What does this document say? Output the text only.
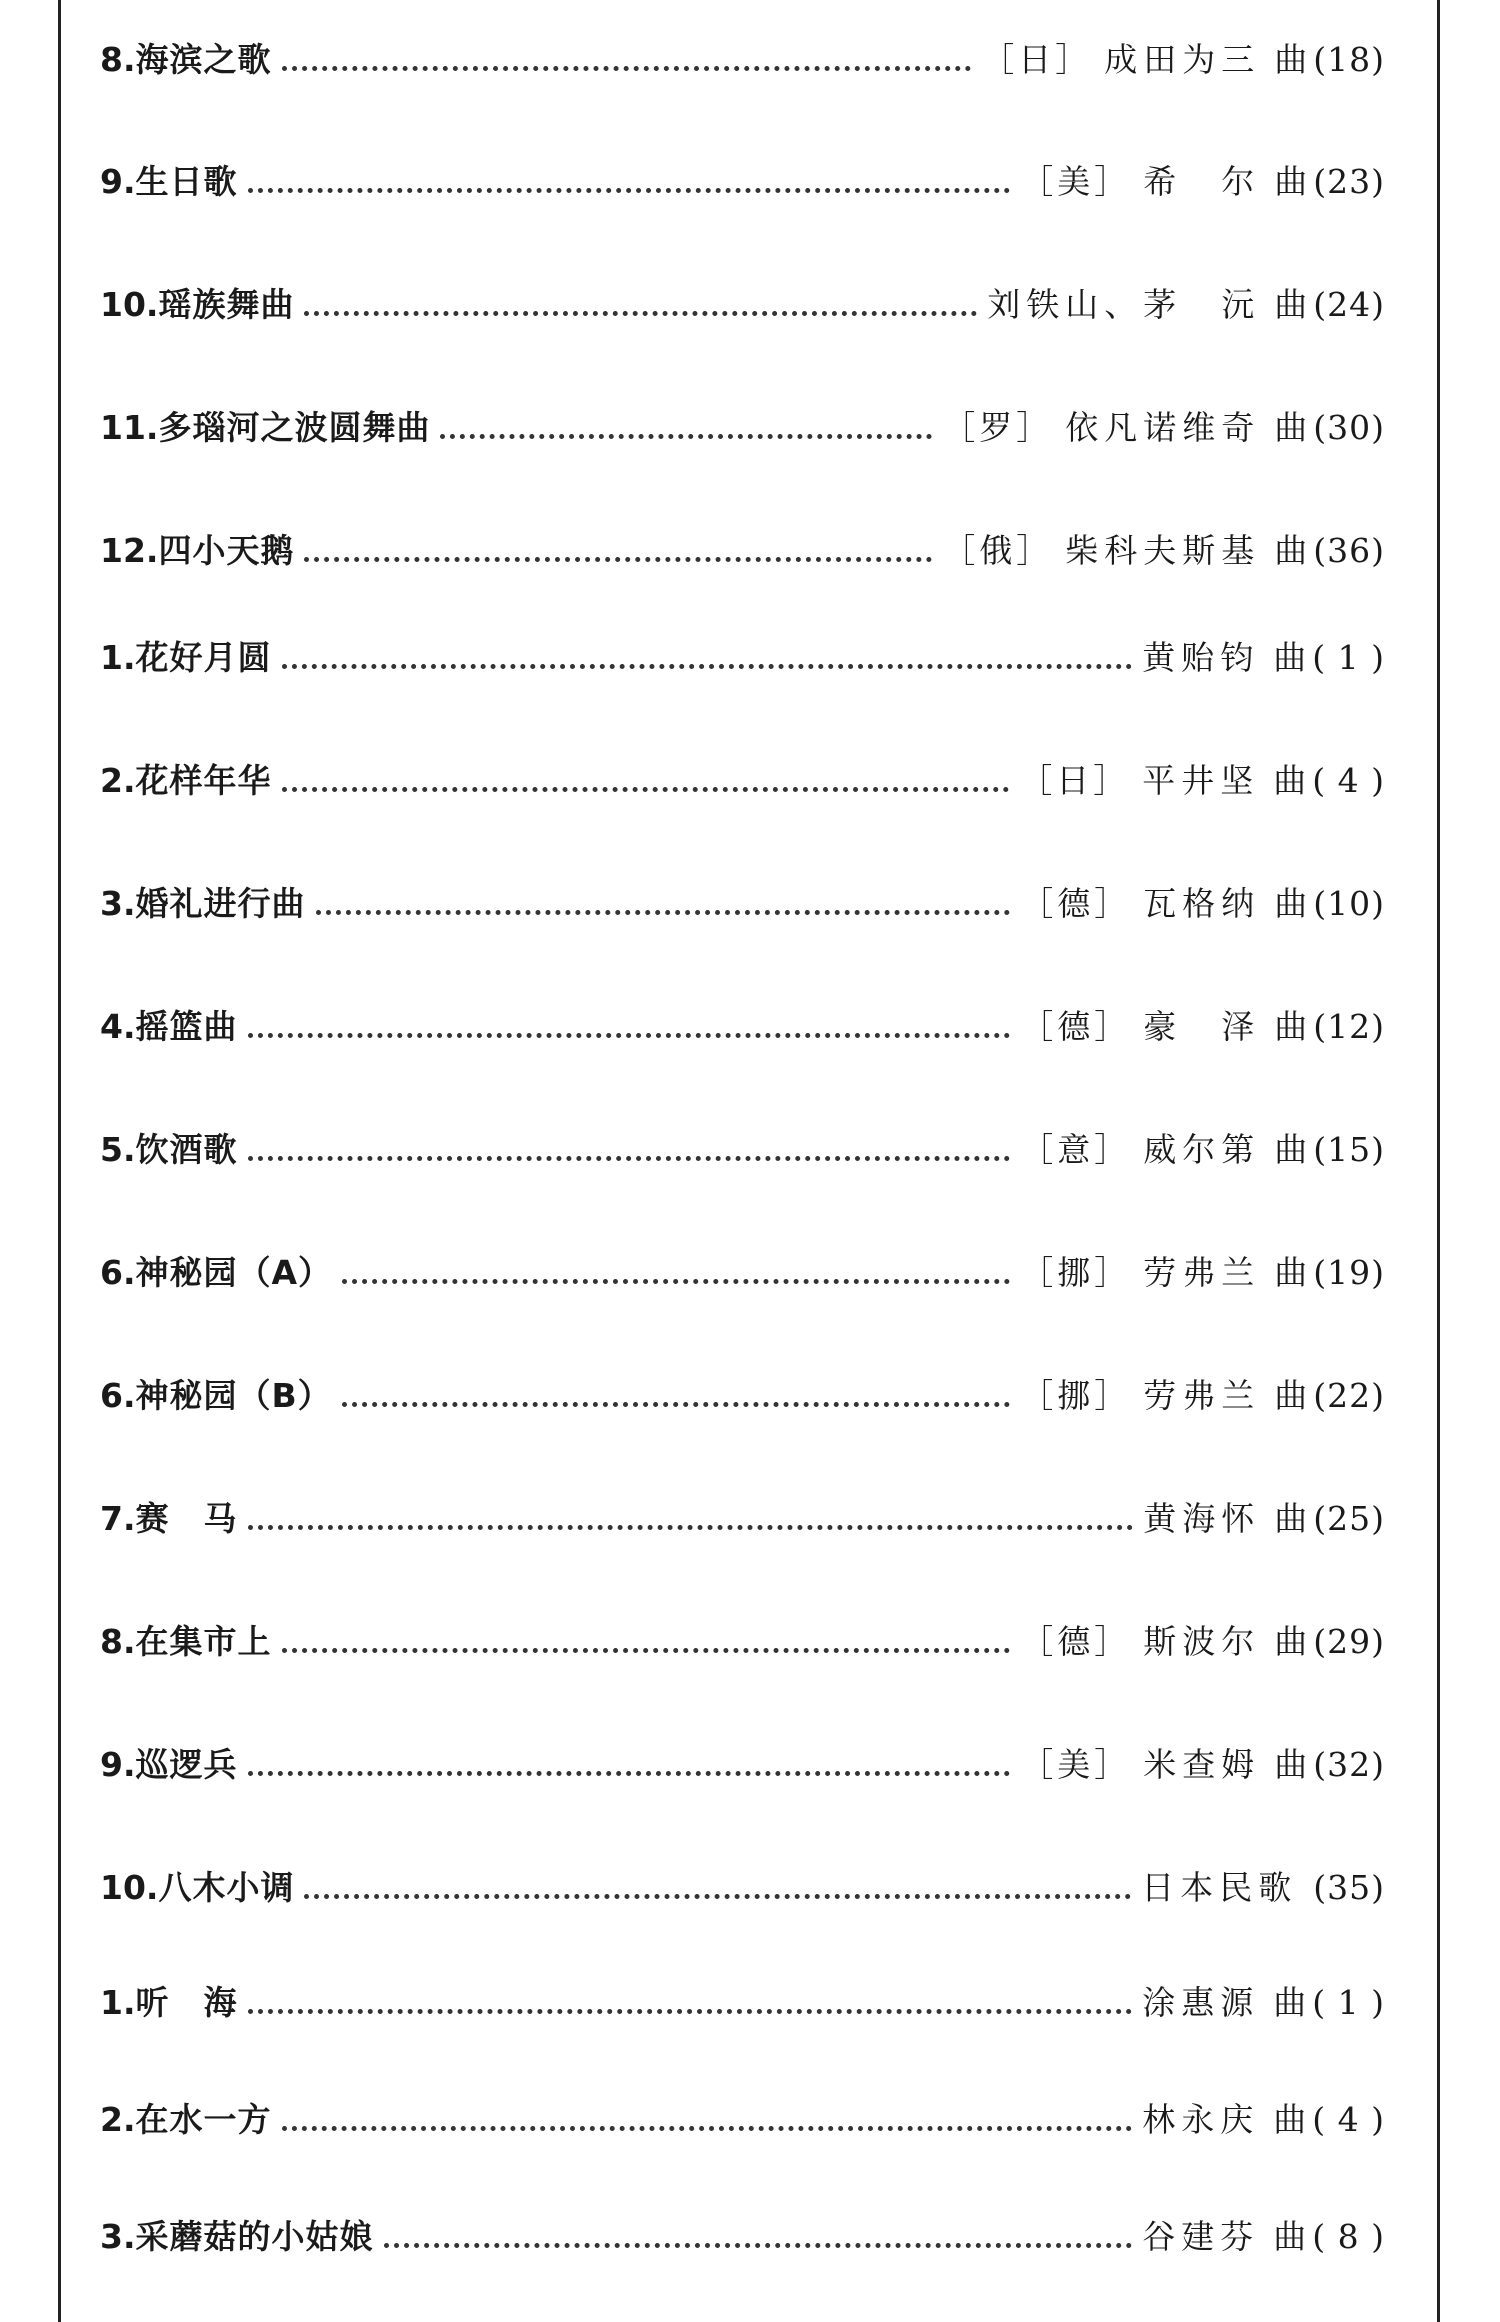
8. 海滨之歌	［日］ 成田为三 曲 (18)
9. 生日歌	［美］ 希　尔 曲 (23)
10. 瑶族舞曲	刘铁山、茅　沅 曲 (24)
11. 多瑙河之波圆舞曲	［罗］ 依凡诺维奇 曲 (30)
12. 四小天鹅	［俄］ 柴科夫斯基 曲 (36)
1. 花好月圆	黄贻钧 曲 ( 1 )
2. 花样年华	［日］ 平井坚 曲 ( 4 )
3. 婚礼进行曲	［德］ 瓦格纳 曲 (10)
4. 摇篮曲	［德］ 豪　泽 曲 (12)
5. 饮酒歌	［意］ 威尔第 曲 (15)
6. 神秘园（A）	［挪］ 劳弗兰 曲 (19)
6. 神秘园（B）	［挪］ 劳弗兰 曲 (22)
7. 赛　马	黄海怀 曲 (25)
8. 在集市上	［德］ 斯波尔 曲 (29)
9. 巡逻兵	［美］ 米查姆 曲 (32)
10. 八木小调	日本民歌 (35)
1. 听　海	涂惠源 曲 ( 1 )
2. 在水一方	林永庆 曲 ( 4 )
3. 采蘑菇的小姑娘	谷建芬 曲 ( 8 )
